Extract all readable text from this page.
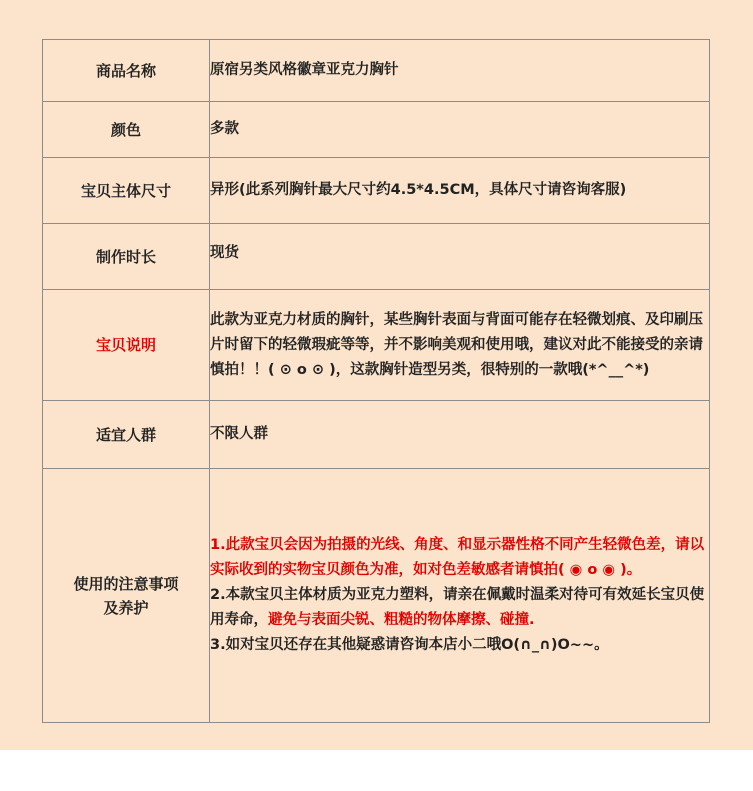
商品名称	原宿另类风格徽章亚克力胸针
颜色	多款
宝贝主体尺寸	异形(此系列胸针最大尺寸约4.5*4.5CM，具体尺寸请咨询客服)
制作时长	现货
宝贝说明	此款为亚克力材质的胸针，某些胸针表面与背面可能存在轻微划痕、及印刷压片时留下的轻微瑕疵等等，并不影响美观和使用哦，建议对此不能接受的亲请慎拍！！( ⊙ o ⊙ )，这款胸针造型另类，很特别的一款哦(*^__^*)
适宜人群	不限人群

使用的注意事项
及养护	1.此款宝贝会因为拍摄的光线、角度、和显示器性格不同产生轻微色差，请以实际收到的实物宝贝颜色为准，如对色差敏感者请慎拍( ◉ o ◉ )。
2.本款宝贝主体材质为亚克力塑料，请亲在佩戴时温柔对待可有效延长宝贝使用寿命，避免与表面尖锐、粗糙的物体摩擦、碰撞.
3.如对宝贝还存在其他疑惑请咨询本店小二哦O(∩_∩)O~~。
